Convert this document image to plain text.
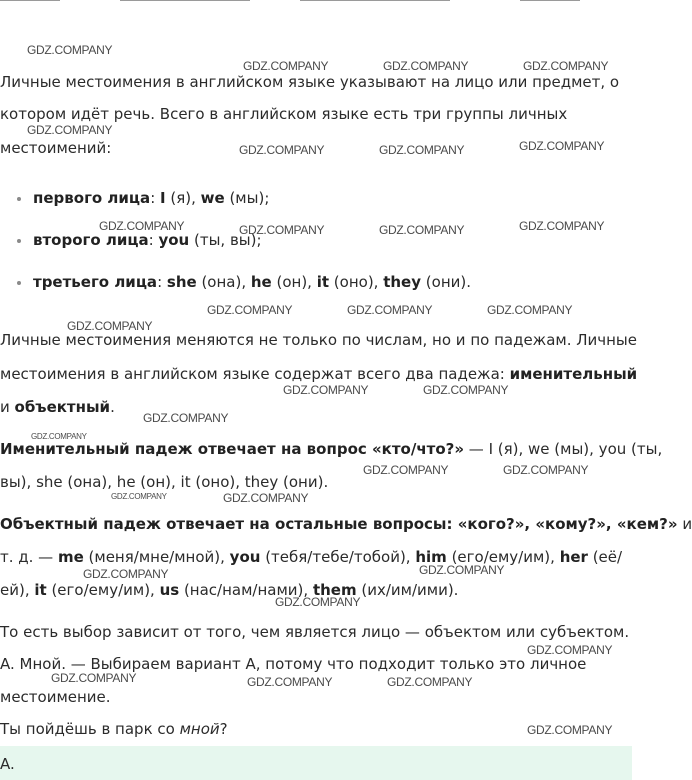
Личные местоимения в английском языке указывают на лицо или предмет, о
котором идёт речь. Всего в английском языке есть три группы личных
местоимений:
первого лица: I (я), we (мы);
второго лица: you (ты, вы);
третьего лица: she (она), he (он), it (оно), they (они).
Личные местоимения меняются не только по числам, но и по падежам. Личные
местоимения в английском языке содержат всего два падежа: именительный
и объектный.
Именительный падеж отвечает на вопрос «кто/что?» — I (я), we (мы), you (ты,
вы), she (она), he (он), it (оно), they (они).
Объектный падеж отвечает на остальные вопросы: «кого?», «кому?», «кем?» и
т. д. — me (меня/мне/мной), you (тебя/тебе/тобой), him (его/ему/им), her (её/
ей), it (его/ему/им), us (нас/нам/нами), them (их/им/ими).
То есть выбор зависит от того, чем является лицо — объектом или субъектом.
A. Мной. — Выбираем вариант A, потому что подходит только это личное
местоимение.
Ты пойдёшь в парк со мной?
A.
GDZ.COMPANY
GDZ.COMPANY	GDZ.COMPANY	GDZ.COMPANY
GDZ.COMPANY
GDZ.COMPANY	GDZ.COMPANY	GDZ.COMPANY
GDZ.COMPANY	GDZ.COMPANY	GDZ.COMPANY	GDZ.COMPANY
GDZ.COMPANY	GDZ.COMPANY	GDZ.COMPANY
GDZ.COMPANY
GDZ.COMPANY	GDZ.COMPANY
GDZ.COMPANY
GDZ.COMPANY
GDZ.COMPANY	GDZ.COMPANY
GDZ.COMPANY	GDZ.COMPANY
GDZ.COMPANY	GDZ.COMPANY
GDZ.COMPANY
GDZ.COMPANY
GDZ.COMPANY	GDZ.COMPANY	GDZ.COMPANY
GDZ.COMPANY
